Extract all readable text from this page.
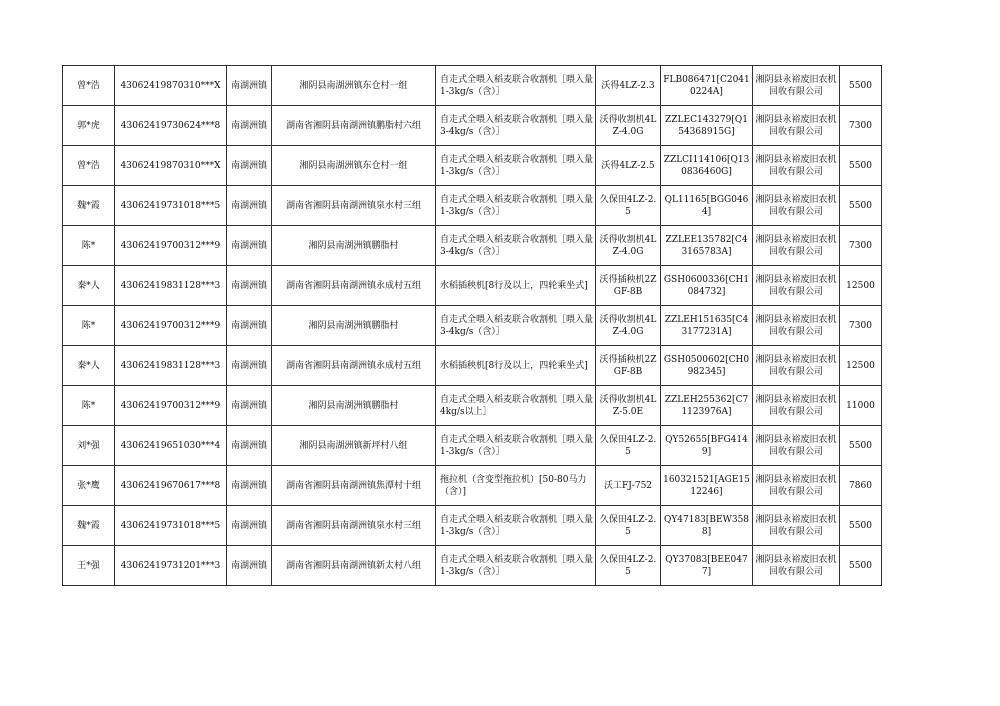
曾*浩	43062419870310***X	南湖洲镇	湘阴县南湖洲镇东仓村一组	自走式全喂入稻麦联合收割机［喂入量1-3kg/s（含）］	沃得4LZ-2.3	FLB086471[C20410224A]	湘阴县永裕废旧农机回收有限公司	5500
郭*虎	43062419730624***8	南湖洲镇	湖南省湘阴县南湖洲镇鹏脂村六组	自走式全喂入稻麦联合收割机［喂入量3-4kg/s（含）］	沃得收割机4LZ-4.0G	ZZLEC143279[Q154368915G]	湘阴县永裕废旧农机回收有限公司	7300
曾*浩	43062419870310***X	南湖洲镇	湘阴县南湖洲镇东仓村一组	自走式全喂入稻麦联合收割机［喂入量1-3kg/s（含）］	沃得4LZ-2.5	ZZLCI114106[Q130836460G]	湘阴县永裕废旧农机回收有限公司	5500
魏*霞	43062419731018***5	南湖洲镇	湖南省湘阴县南湖洲镇泉水村三组	自走式全喂入稻麦联合收割机［喂入量1-3kg/s（含）］	久保田4LZ-2.5	QL11165[BGG0464]	湘阴县永裕废旧农机回收有限公司	5500
陈*	43062419700312***9	南湖洲镇	湘阴县南湖洲镇鹏脂村	自走式全喂入稻麦联合收割机［喂入量3-4kg/s（含）］	沃得收割机4LZ-4.0G	ZZLEE135782[C43165783A]	湘阴县永裕废旧农机回收有限公司	7300
秦*人	43062419831128***3	南湖洲镇	湖南省湘阴县南湖洲镇永成村五组	水稻插秧机[8行及以上，四轮乘坐式]	沃得插秧机2ZGF-8B	GSH0600336[CH1084732]	湘阴县永裕废旧农机回收有限公司	12500
陈*	43062419700312***9	南湖洲镇	湘阴县南湖洲镇鹏脂村	自走式全喂入稻麦联合收割机［喂入量3-4kg/s（含）］	沃得收割机4LZ-4.0G	ZZLEH151635[C43177231A]	湘阴县永裕废旧农机回收有限公司	7300
秦*人	43062419831128***3	南湖洲镇	湖南省湘阴县南湖洲镇永成村五组	水稻插秧机[8行及以上，四轮乘坐式]	沃得插秧机2ZGF-8B	GSH0500602[CH0982345]	湘阴县永裕废旧农机回收有限公司	12500
陈*	43062419700312***9	南湖洲镇	湘阴县南湖洲镇鹏脂村	自走式全喂入稻麦联合收割机［喂入量4kg/s以上］	沃得收割机4LZ-5.0E	ZZLEH255362[C71123976A]	湘阴县永裕废旧农机回收有限公司	11000
刘*强	43062419651030***4	南湖洲镇	湘阴县南湖洲镇新坪村八组	自走式全喂入稻麦联合收割机［喂入量1-3kg/s（含）］	久保田4LZ-2.5	QY52655[BFG4149]	湘阴县永裕废旧农机回收有限公司	5500
张*鹰	43062419670617***8	南湖洲镇	湖南省湘阴县南湖洲镇焦潭村十组	拖拉机（含变型拖拉机）[50-80马力（含）]	沃工FJ-752	160321521[AGE1512246]	湘阴县永裕废旧农机回收有限公司	7860
魏*霞	43062419731018***5	南湖洲镇	湖南省湘阴县南湖洲镇泉水村三组	自走式全喂入稻麦联合收割机［喂入量1-3kg/s（含）］	久保田4LZ-2.5	QY47183[BEW3588]	湘阴县永裕废旧农机回收有限公司	5500
王*强	43062419731201***3	南湖洲镇	湖南省湘阴县南湖洲镇新太村八组	自走式全喂入稻麦联合收割机［喂入量1-3kg/s（含）］	久保田4LZ-2.5	QY37083[BEE0477]	湘阴县永裕废旧农机回收有限公司	5500
